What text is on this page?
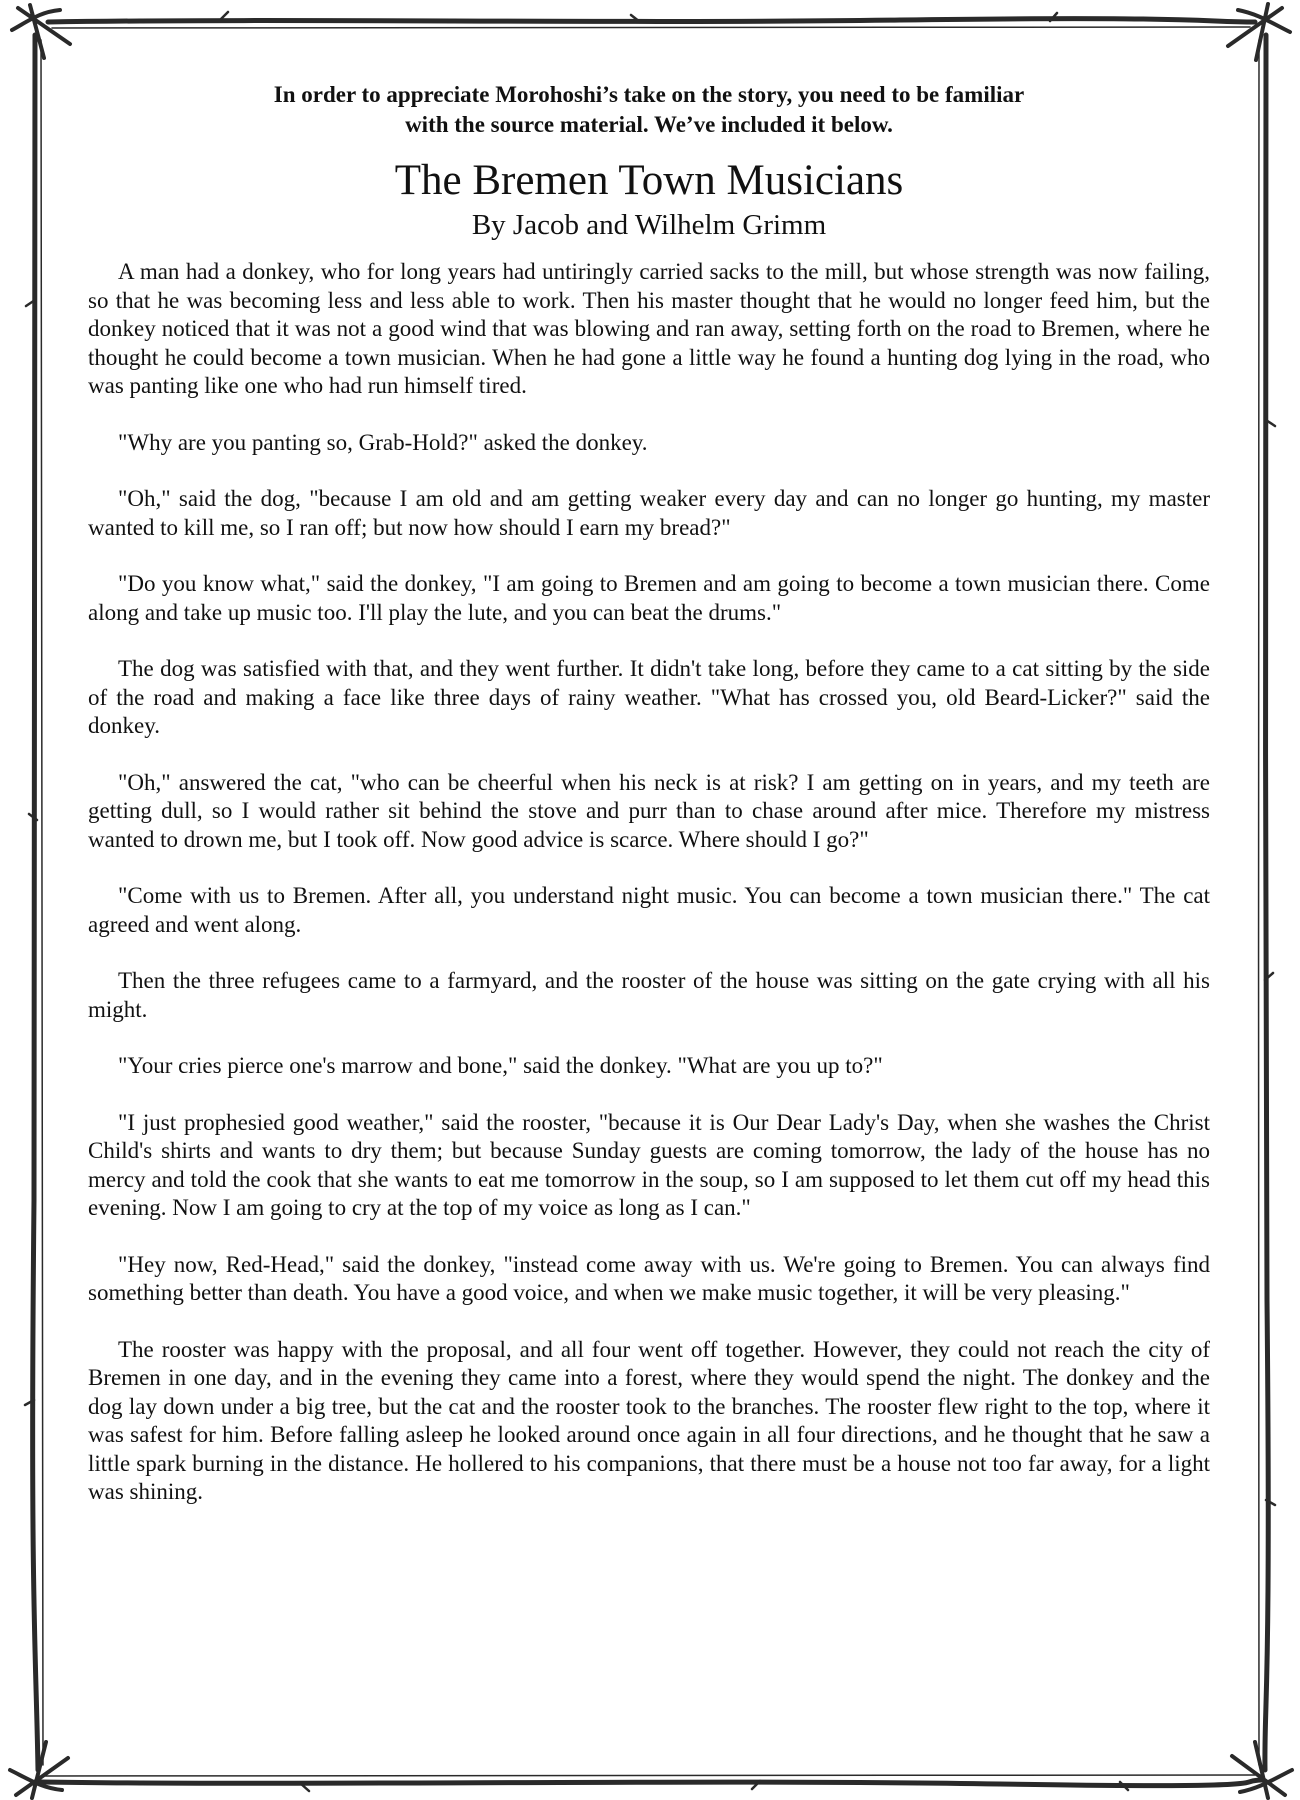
In order to appreciate Morohoshi’s take on the story, you need to be familiar
with the source material. We’ve included it below.
The Bremen Town Musicians
By Jacob and Wilhelm Grimm

A man had a donkey, who for long years had untiringly carried sacks to the mill, but whose strength was now failing, so that he was becoming less and less able to work. Then his master thought that he would no longer feed him, but the donkey noticed that it was not a good wind that was blowing and ran away, setting forth on the road to Bremen, where he thought he could become a town musician. When he had gone a little way he found a hunting dog lying in the road, who was panting like one who had run himself tired.

"Why are you panting so, Grab-Hold?" asked the donkey.

"Oh," said the dog, "because I am old and am getting weaker every day and can no longer go hunting, my master wanted to kill me, so I ran off; but now how should I earn my bread?"

"Do you know what," said the donkey, "I am going to Bremen and am going to become a town musician there. Come along and take up music too. I'll play the lute, and you can beat the drums."

The dog was satisfied with that, and they went further. It didn't take long, before they came to a cat sitting by the side of the road and making a face like three days of rainy weather. "What has crossed you, old Beard-Licker?" said the donkey.

"Oh," answered the cat, "who can be cheerful when his neck is at risk? I am getting on in years, and my teeth are getting dull, so I would rather sit behind the stove and purr than to chase around after mice. Therefore my mistress wanted to drown me, but I took off. Now good advice is scarce. Where should I go?"

"Come with us to Bremen. After all, you understand night music. You can become a town musician there." The cat agreed and went along.

Then the three refugees came to a farmyard, and the rooster of the house was sitting on the gate crying with all his might.

"Your cries pierce one's marrow and bone," said the donkey. "What are you up to?"

"I just prophesied good weather," said the rooster, "because it is Our Dear Lady's Day, when she washes the Christ Child's shirts and wants to dry them; but because Sunday guests are coming tomorrow, the lady of the house has no mercy and told the cook that she wants to eat me tomorrow in the soup, so I am supposed to let them cut off my head this evening. Now I am going to cry at the top of my voice as long as I can."

"Hey now, Red-Head," said the donkey, "instead come away with us. We're going to Bremen. You can always find something better than death. You have a good voice, and when we make music together, it will be very pleasing."

The rooster was happy with the proposal, and all four went off together. However, they could not reach the city of Bremen in one day, and in the evening they came into a forest, where they would spend the night. The donkey and the dog lay down under a big tree, but the cat and the rooster took to the branches. The rooster flew right to the top, where it was safest for him. Before falling asleep he looked around once again in all four directions, and he thought that he saw a little spark burning in the distance. He hollered to his companions, that there must be a house not too far away, for a light was shining.
